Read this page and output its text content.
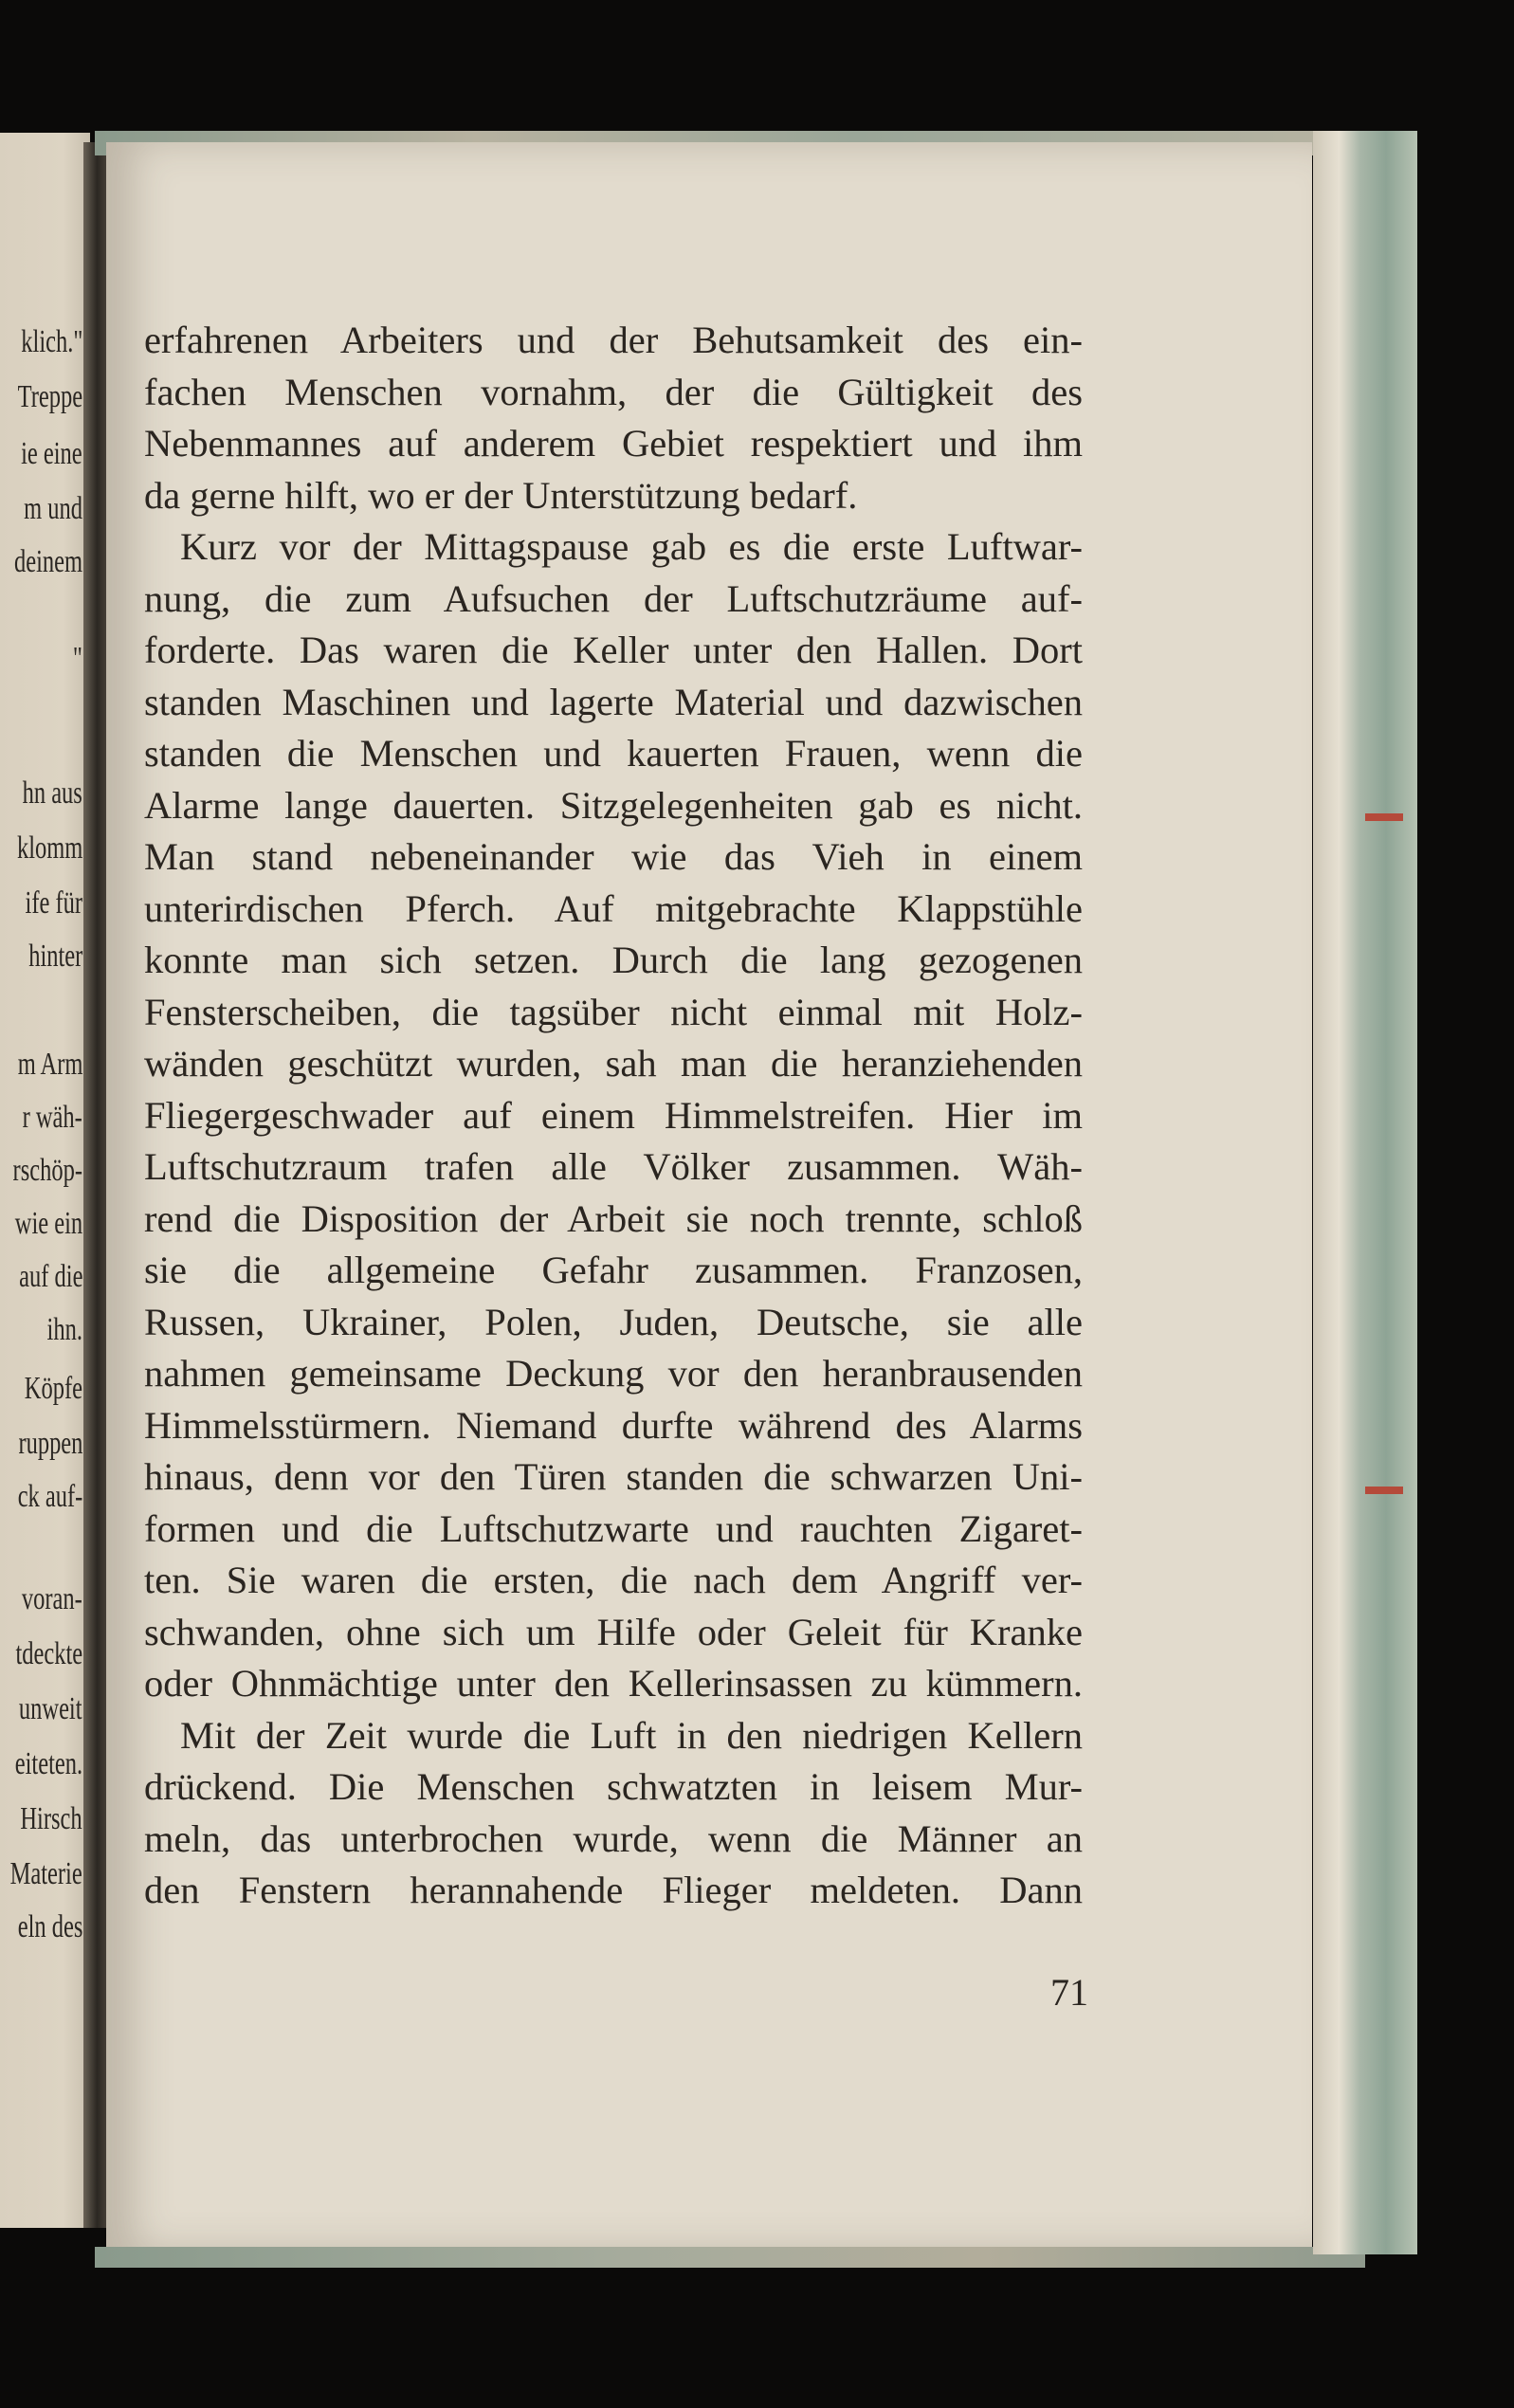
klich."
Treppe
ie eine
m und
deinem
"
hn aus
klomm
ife für
hinter
m Arm
r wäh-
rschöp-
wie ein
auf die
ihn.
Köpfe
ruppen
ck auf-
voran-
tdeckte
unweit
eiteten.
Hirsch
Materie
eln des
erfahrenen Arbeiters und der Behutsamkeit des ein-
fachen Menschen vornahm, der die Gültigkeit des
Nebenmannes auf anderem Gebiet respektiert und ihm
da gerne hilft, wo er der Unterstützung bedarf.
Kurz vor der Mittagspause gab es die erste Luftwar-
nung, die zum Aufsuchen der Luftschutzräume auf-
forderte. Das waren die Keller unter den Hallen. Dort
standen Maschinen und lagerte Material und dazwischen
standen die Menschen und kauerten Frauen, wenn die
Alarme lange dauerten. Sitzgelegenheiten gab es nicht.
Man stand nebeneinander wie das Vieh in einem
unterirdischen Pferch. Auf mitgebrachte Klappstühle
konnte man sich setzen. Durch die lang gezogenen
Fensterscheiben, die tagsüber nicht einmal mit Holz-
wänden geschützt wurden, sah man die heranziehenden
Fliegergeschwader auf einem Himmelstreifen. Hier im
Luftschutzraum trafen alle Völker zusammen. Wäh-
rend die Disposition der Arbeit sie noch trennte, schloß
sie die allgemeine Gefahr zusammen. Franzosen,
Russen, Ukrainer, Polen, Juden, Deutsche, sie alle
nahmen gemeinsame Deckung vor den heranbrausenden
Himmelsstürmern. Niemand durfte während des Alarms
hinaus, denn vor den Türen standen die schwarzen Uni-
formen und die Luftschutzwarte und rauchten Zigaret-
ten. Sie waren die ersten, die nach dem Angriff ver-
schwanden, ohne sich um Hilfe oder Geleit für Kranke
oder Ohnmächtige unter den Kellerinsassen zu kümmern.
Mit der Zeit wurde die Luft in den niedrigen Kellern
drückend. Die Menschen schwatzten in leisem Mur-
meln, das unterbrochen wurde, wenn die Männer an
den Fenstern herannahende Flieger meldeten. Dann
71
